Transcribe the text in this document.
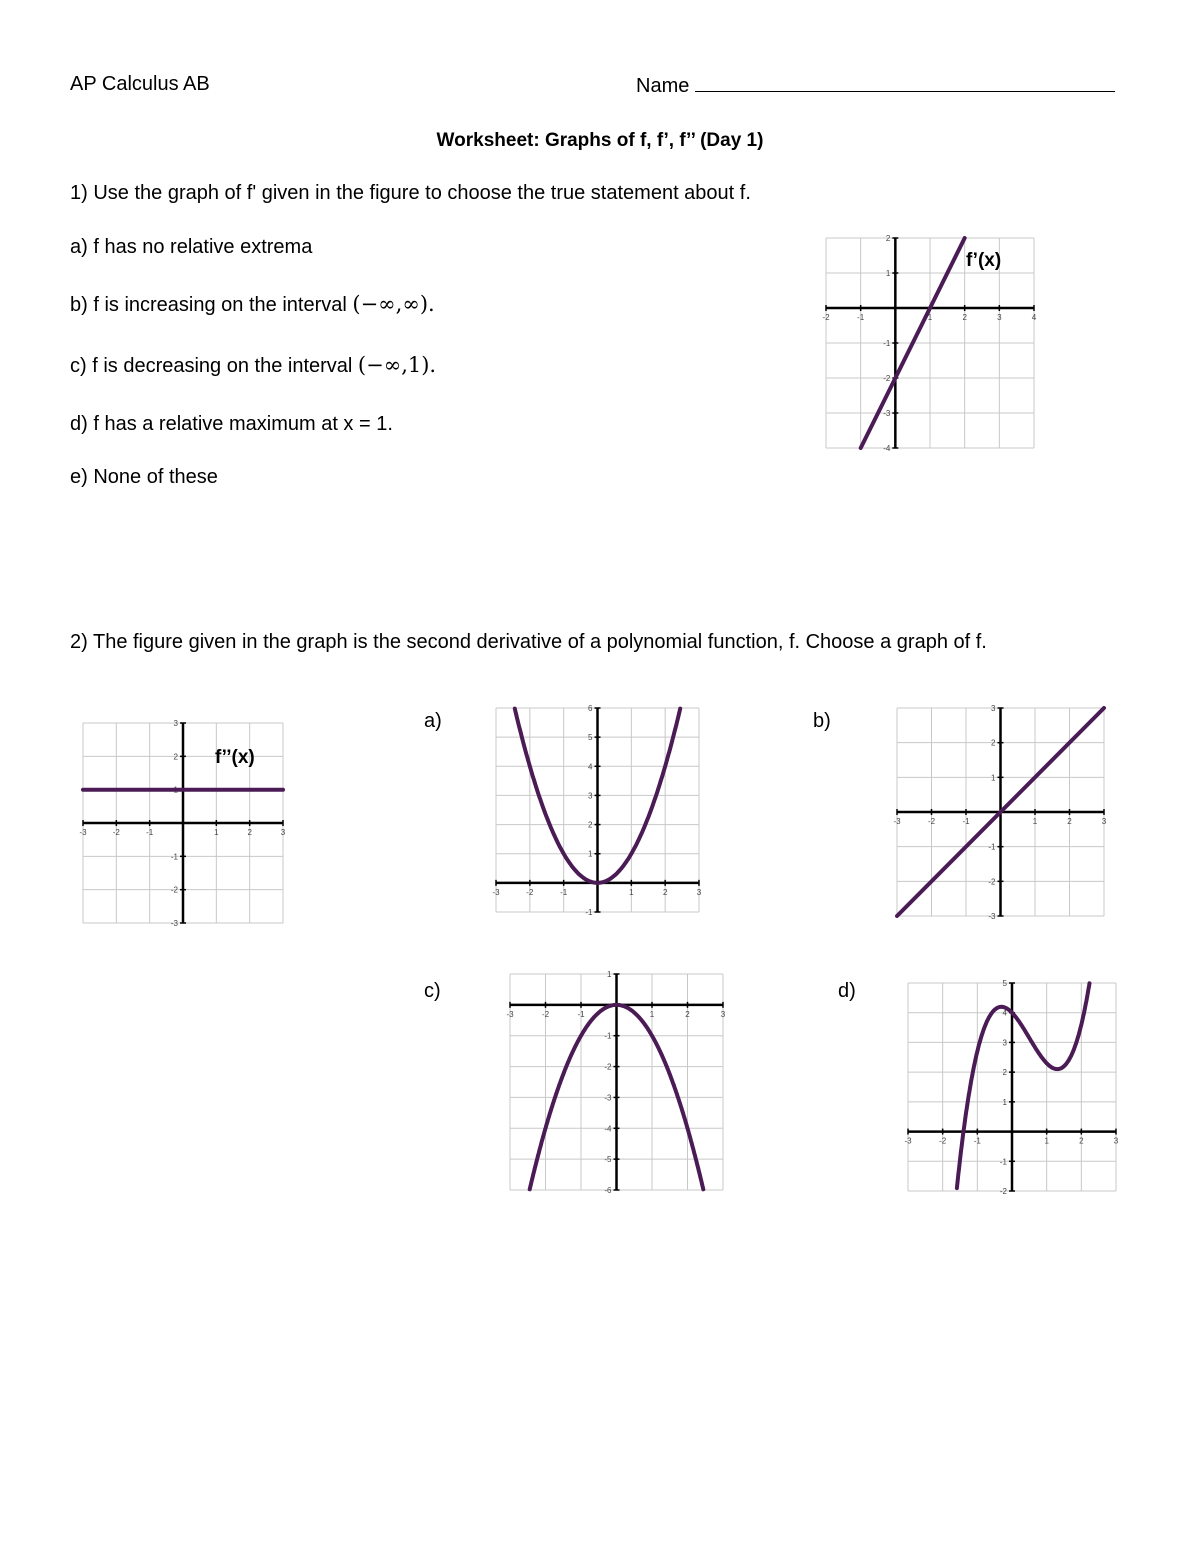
AP Calculus AB	Name
Worksheet: Graphs of f, f’, f’’ (Day 1)
1) Use the graph of f' given in the figure to choose the true statement about f.
a) f has no relative extrema
b) f is increasing on the interval (−∞,∞).
c) f is decreasing on the interval (−∞,1).
d) f has a relative maximum at x = 1.
e) None of these
-2	-1	1	2	3	4
-4
-3
-2
-1
1
2
f’(x)
2) The figure given in the graph is the second derivative of a polynomial function, f. Choose a graph of f.
-3	-2	-1	1	2	3
-3
-2
-1
1
2
3
f’’(x)
a)
-3	-2	-1	1	2	3
-1
1
2
3
4
5
6
b)
-3	-2	-1	1	2	3
-3
-2
-1
1
2
3
c)
-3	-2	-1	1	2	3
-6
-5
-4
-3
-2
-1
1
d)
-3	-2	-1	1	2	3
-2
-1
1
2
3
4
5
